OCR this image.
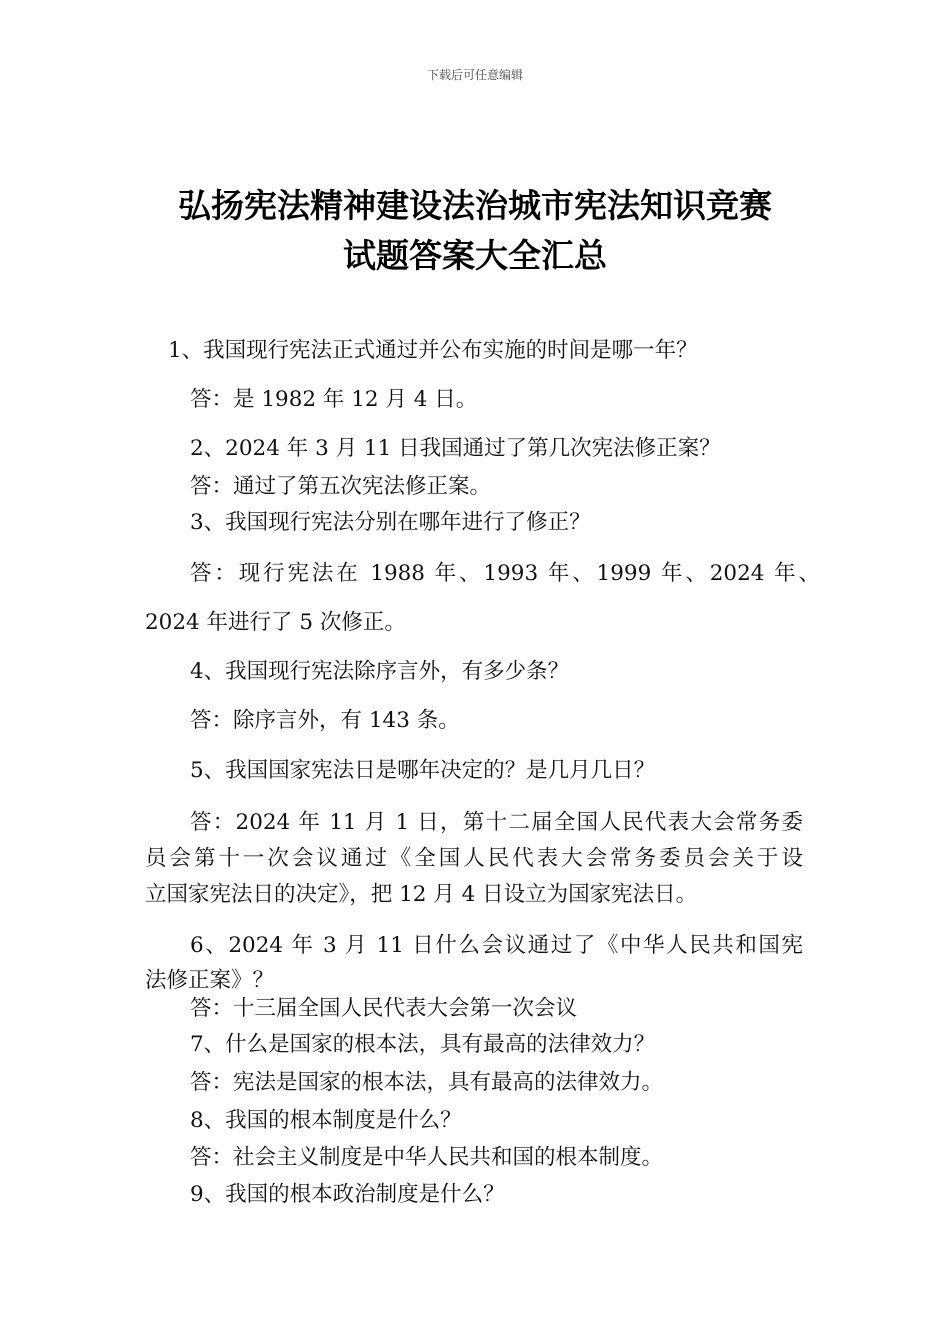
下载后可任意编辑
弘扬宪法精神建设法治城市宪法知识竞赛
试题答案大全汇总
1、我国现行宪法正式通过并公布实施的时间是哪一年？
答：是 1982 年 12 月 4 日。
2、2024 年 3 月 11 日我国通过了第几次宪法修正案？
答：通过了第五次宪法修正案。
3、我国现行宪法分别在哪年进行了修正？
答：现行宪法在 1988 年、1993 年、1999 年、2024 年、
2024 年进行了 5 次修正。
4、我国现行宪法除序言外，有多少条？
答：除序言外，有 143 条。
5、我国国家宪法日是哪年决定的？是几月几日？
答：2024 年 11 月 1 日，第十二届全国人民代表大会常务委
员会第十一次会议通过《全国人民代表大会常务委员会关于设
立国家宪法日的决定》，把 12 月 4 日设立为国家宪法日。
6、2024 年 3 月 11 日什么会议通过了《中华人民共和国宪
法修正案》？
答：十三届全国人民代表大会第一次会议
7、什么是国家的根本法，具有最高的法律效力？
答：宪法是国家的根本法，具有最高的法律效力。
8、我国的根本制度是什么？
答：社会主义制度是中华人民共和国的根本制度。
9、我国的根本政治制度是什么？
